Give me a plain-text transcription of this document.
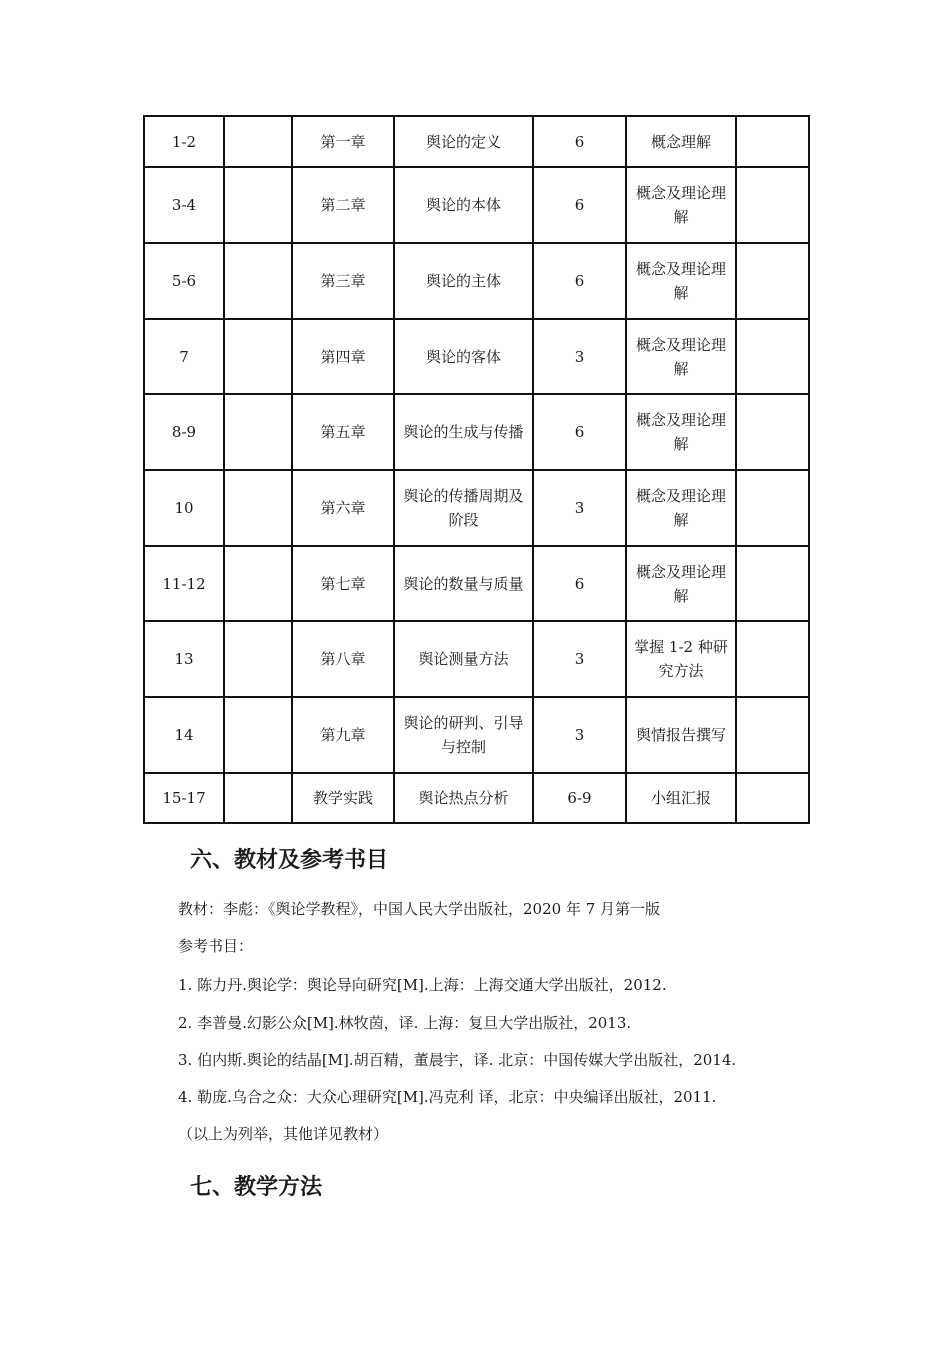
1-2		第一章	舆论的定义	6	概念理解	
3-4		第二章	舆论的本体	6	概念及理论理解	
5-6		第三章	舆论的主体	6	概念及理论理解	
7		第四章	舆论的客体	3	概念及理论理解	
8-9		第五章	舆论的生成与传播	6	概念及理论理解	
10		第六章	舆论的传播周期及阶段	3	概念及理论理解	
11-12		第七章	舆论的数量与质量	6	概念及理论理解	
13		第八章	舆论测量方法	3	掌握 1-2 种研究方法	
14		第九章	舆论的研判、引导与控制	3	舆情报告撰写	
15-17		教学实践	舆论热点分析	6-9	小组汇报	
六、教材及参考书目

教材：李彪：《舆论学教程》，中国人民大学出版社，2020 年 7 月第一版

参考书目：

1. 陈力丹.舆论学：舆论导向研究[M].上海：上海交通大学出版社，2012.

2. 李普曼.幻影公众[M].林牧茵，译. 上海：复旦大学出版社，2013.

3. 伯内斯.舆论的结晶[M].胡百精，董晨宇，译. 北京：中国传媒大学出版社，2014.

4. 勒庞.乌合之众：大众心理研究[M].冯克利 译，北京：中央编译出版社，2011.

（以上为列举，其他详见教材）

七、教学方法
